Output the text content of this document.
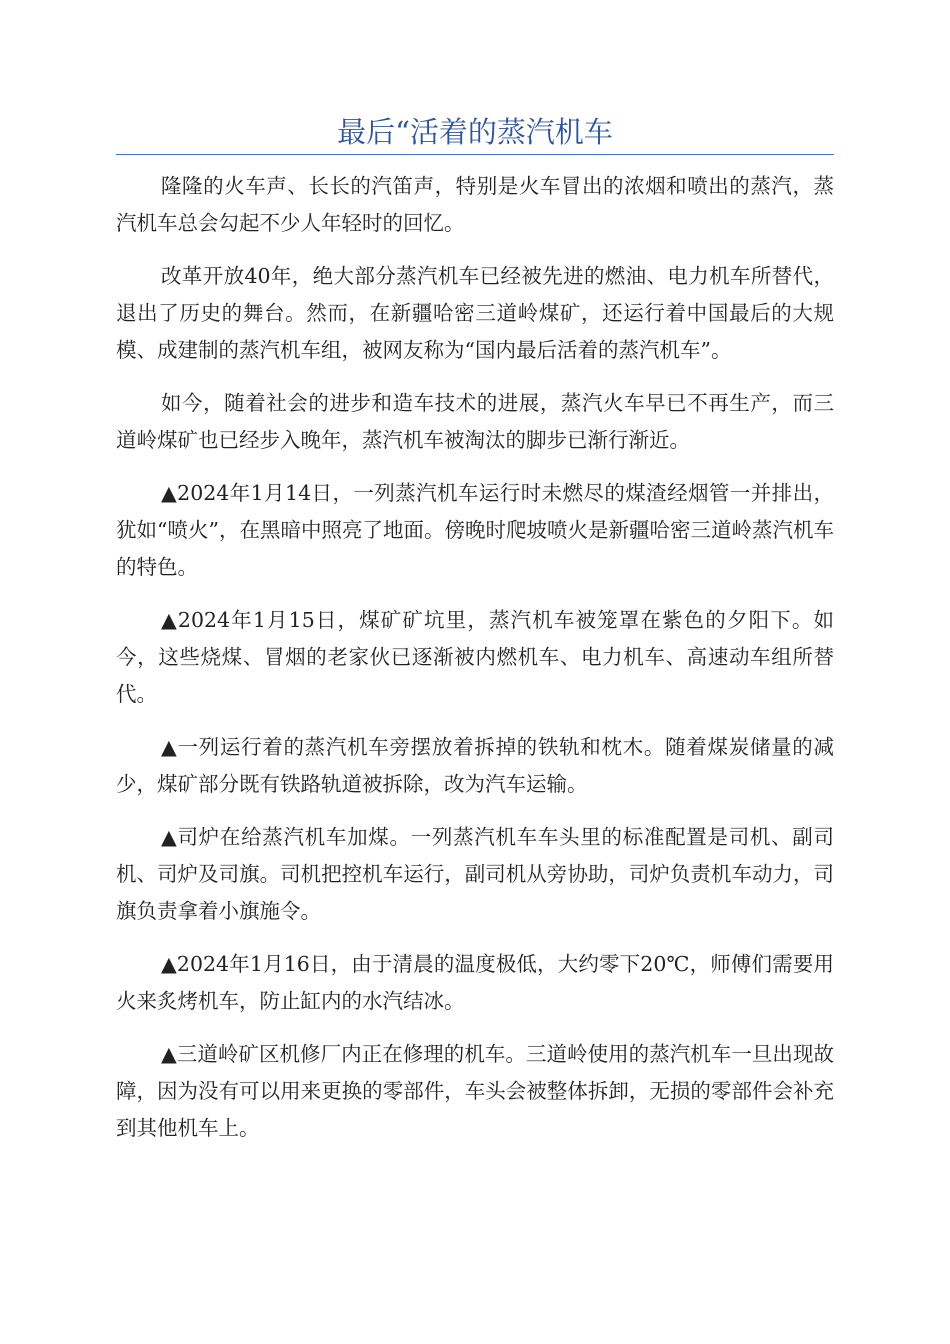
最后“活着的蒸汽机车

隆隆的火车声、长长的汽笛声，特别是火车冒出的浓烟和喷出的蒸汽，蒸汽机车总会勾起不少人年轻时的回忆。

改革开放40年，绝大部分蒸汽机车已经被先进的燃油、电力机车所替代，退出了历史的舞台。然而，在新疆哈密三道岭煤矿，还运行着中国最后的大规模、成建制的蒸汽机车组，被网友称为“国内最后活着的蒸汽机车”。

如今，随着社会的进步和造车技术的进展，蒸汽火车早已不再生产，而三道岭煤矿也已经步入晚年，蒸汽机车被淘汰的脚步已渐行渐近。

▲2024年1月14日，一列蒸汽机车运行时未燃尽的煤渣经烟管一并排出，犹如“喷火”，在黑暗中照亮了地面。傍晚时爬坡喷火是新疆哈密三道岭蒸汽机车的特色。

▲2024年1月15日，煤矿矿坑里，蒸汽机车被笼罩在紫色的夕阳下。如今，这些烧煤、冒烟的老家伙已逐渐被内燃机车、电力机车、高速动车组所替代。

▲一列运行着的蒸汽机车旁摆放着拆掉的铁轨和枕木。随着煤炭储量的减少，煤矿部分既有铁路轨道被拆除，改为汽车运输。

▲司炉在给蒸汽机车加煤。一列蒸汽机车车头里的标准配置是司机、副司机、司炉及司旗。司机把控机车运行，副司机从旁协助，司炉负责机车动力，司旗负责拿着小旗施令。

▲2024年1月16日，由于清晨的温度极低，大约零下20℃，师傅们需要用火来炙烤机车，防止缸内的水汽结冰。

▲三道岭矿区机修厂内正在修理的机车。三道岭使用的蒸汽机车一旦出现故障，因为没有可以用来更换的零部件，车头会被整体拆卸，无损的零部件会补充到其他机车上。
